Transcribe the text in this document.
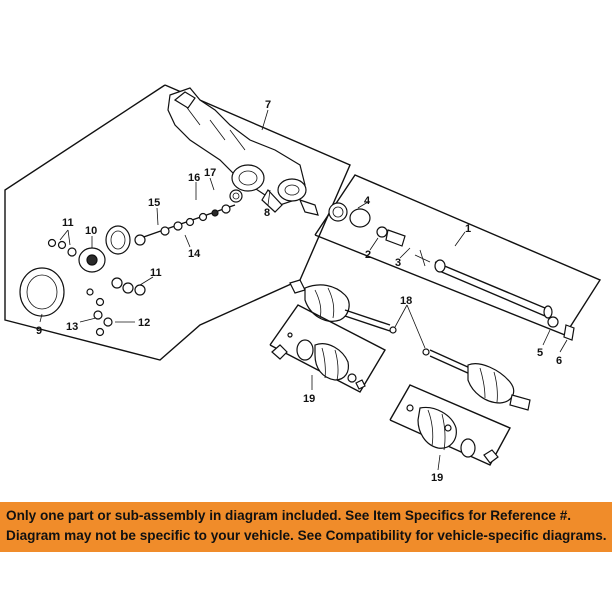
7
8
17
16
15
14
10
11
11
12
13
9
1
4
2
3
5
6
18
19
19
Only one part or sub-assembly in diagram included. See Item Specifics for Reference #.
Diagram may not be specific to your vehicle. See Compatibility for vehicle-specific diagrams.
